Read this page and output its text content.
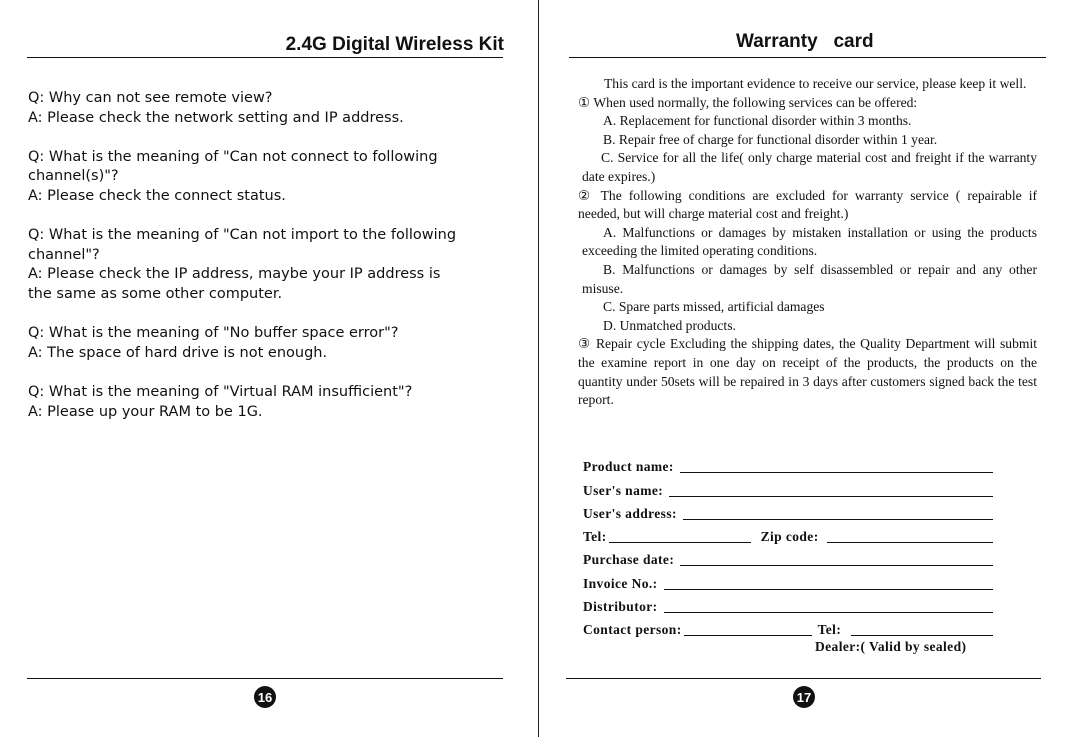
2.4G Digital Wireless Kit
Q: Why can not see remote view?
A: Please check the network setting and IP address.
Q: What is the meaning of "Can not connect to following
channel(s)"?
A: Please check the connect status.
Q: What is the meaning of "Can not import to the following
channel"?
A: Please check the IP address, maybe your IP address is
the same as some other computer.
Q: What is the meaning of "No buffer space error"?
A: The space of hard drive is not enough.
Q: What is the meaning of "Virtual RAM insufficient"?
A: Please up your RAM to be 1G.
16
Warranty   card

This card is the important evidence to receive our service, please keep it well.

① When used normally, the following services can be offered:

A. Replacement for functional disorder within 3 months.

B. Repair free of charge for functional disorder within 1 year.

C. Service for all the life( only charge material cost and freight if the warranty date expires.)

② The following conditions are excluded for warranty service ( repairable if needed, but will charge material cost and freight.)

A. Malfunctions or damages by mistaken installation or using the products exceeding the limited operating conditions.

B. Malfunctions or damages by self disassembled or repair and any other misuse.

C. Spare parts missed, artificial damages

D. Unmatched products.

③ Repair cycle Excluding the shipping dates, the Quality Department will submit the examine report in one day on receipt of the products, the products on the quantity under 50sets will be repaired in 3 days after customers signed back the test report.

Product name:
User's name:
User's address:
Tel:	Zip code:
Purchase date:
Invoice No.:
Distributor:
Contact person:	Tel:
Dealer:( Valid by sealed)
17
